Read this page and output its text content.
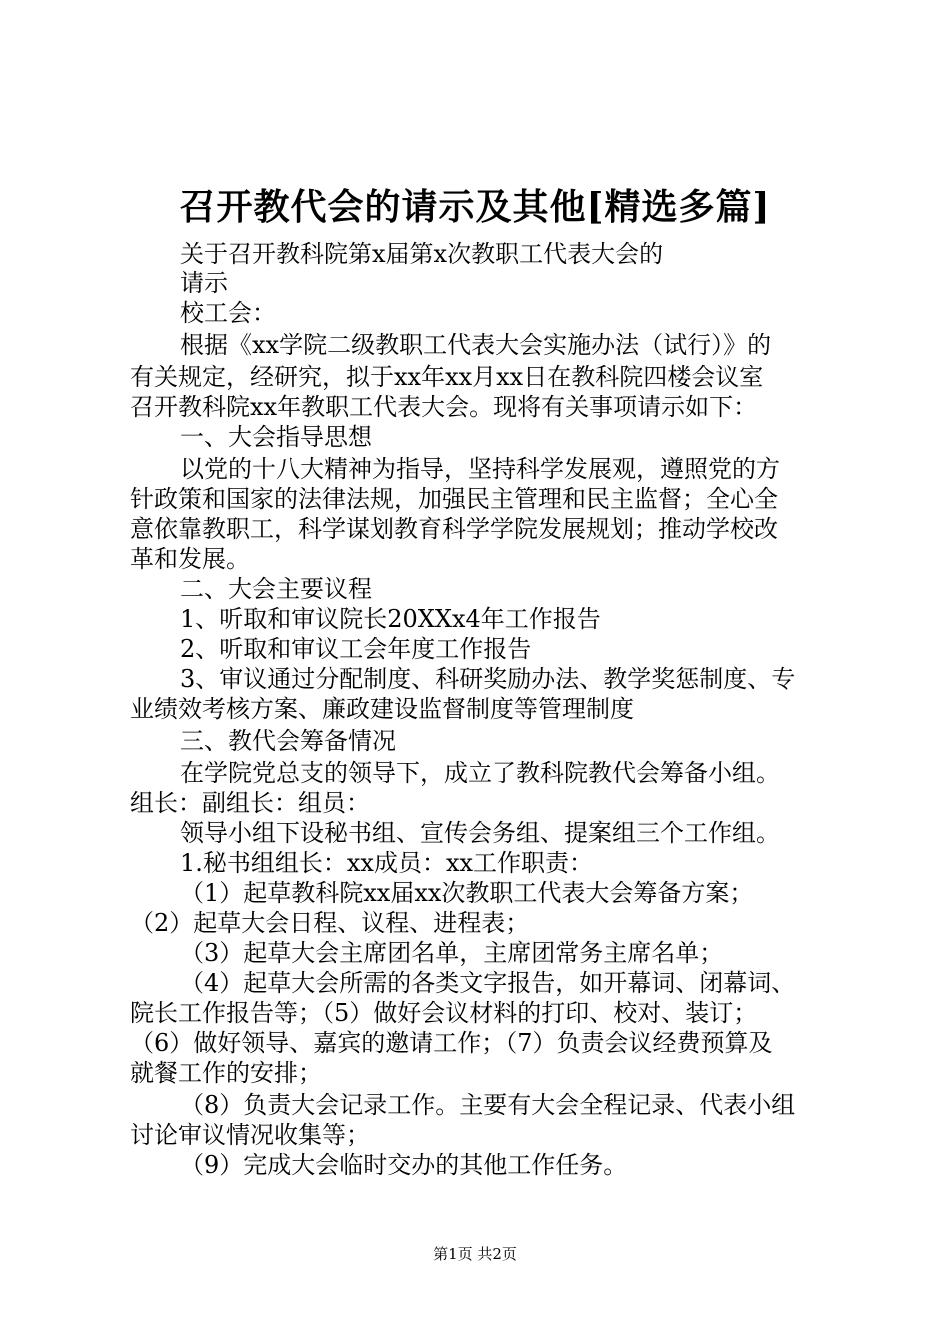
召开教代会的请示及其他[精选多篇]
关于召开教科院第x届第x次教职工代表大会的
请示
校工会：
根据《xx学院二级教职工代表大会实施办法（试行）》的
有关规定，经研究，拟于xx年xx月xx日在教科院四楼会议室
召开教科院xx年教职工代表大会。现将有关事项请示如下：
一、大会指导思想
以党的十八大精神为指导，坚持科学发展观，遵照党的方
针政策和国家的法律法规，加强民主管理和民主监督；全心全
意依靠教职工，科学谋划教育科学学院发展规划；推动学校改
革和发展。
二、大会主要议程
1、听取和审议院长20XXx4年工作报告
2、听取和审议工会年度工作报告
3、审议通过分配制度、科研奖励办法、教学奖惩制度、专
业绩效考核方案、廉政建设监督制度等管理制度
三、教代会筹备情况
在学院党总支的领导下，成立了教科院教代会筹备小组。
组长：副组长：组员：
领导小组下设秘书组、宣传会务组、提案组三个工作组。
1.秘书组组长：xx成员：xx工作职责：
（1）起草教科院xx届xx次教职工代表大会筹备方案；
（2）起草大会日程、议程、进程表；
（3）起草大会主席团名单，主席团常务主席名单；
（4）起草大会所需的各类文字报告，如开幕词、闭幕词、
院长工作报告等；（5）做好会议材料的打印、校对、装订；
（6）做好领导、嘉宾的邀请工作；（7）负责会议经费预算及
就餐工作的安排；
（8）负责大会记录工作。主要有大会全程记录、代表小组
讨论审议情况收集等；
（9）完成大会临时交办的其他工作任务。
第1页 共2页
